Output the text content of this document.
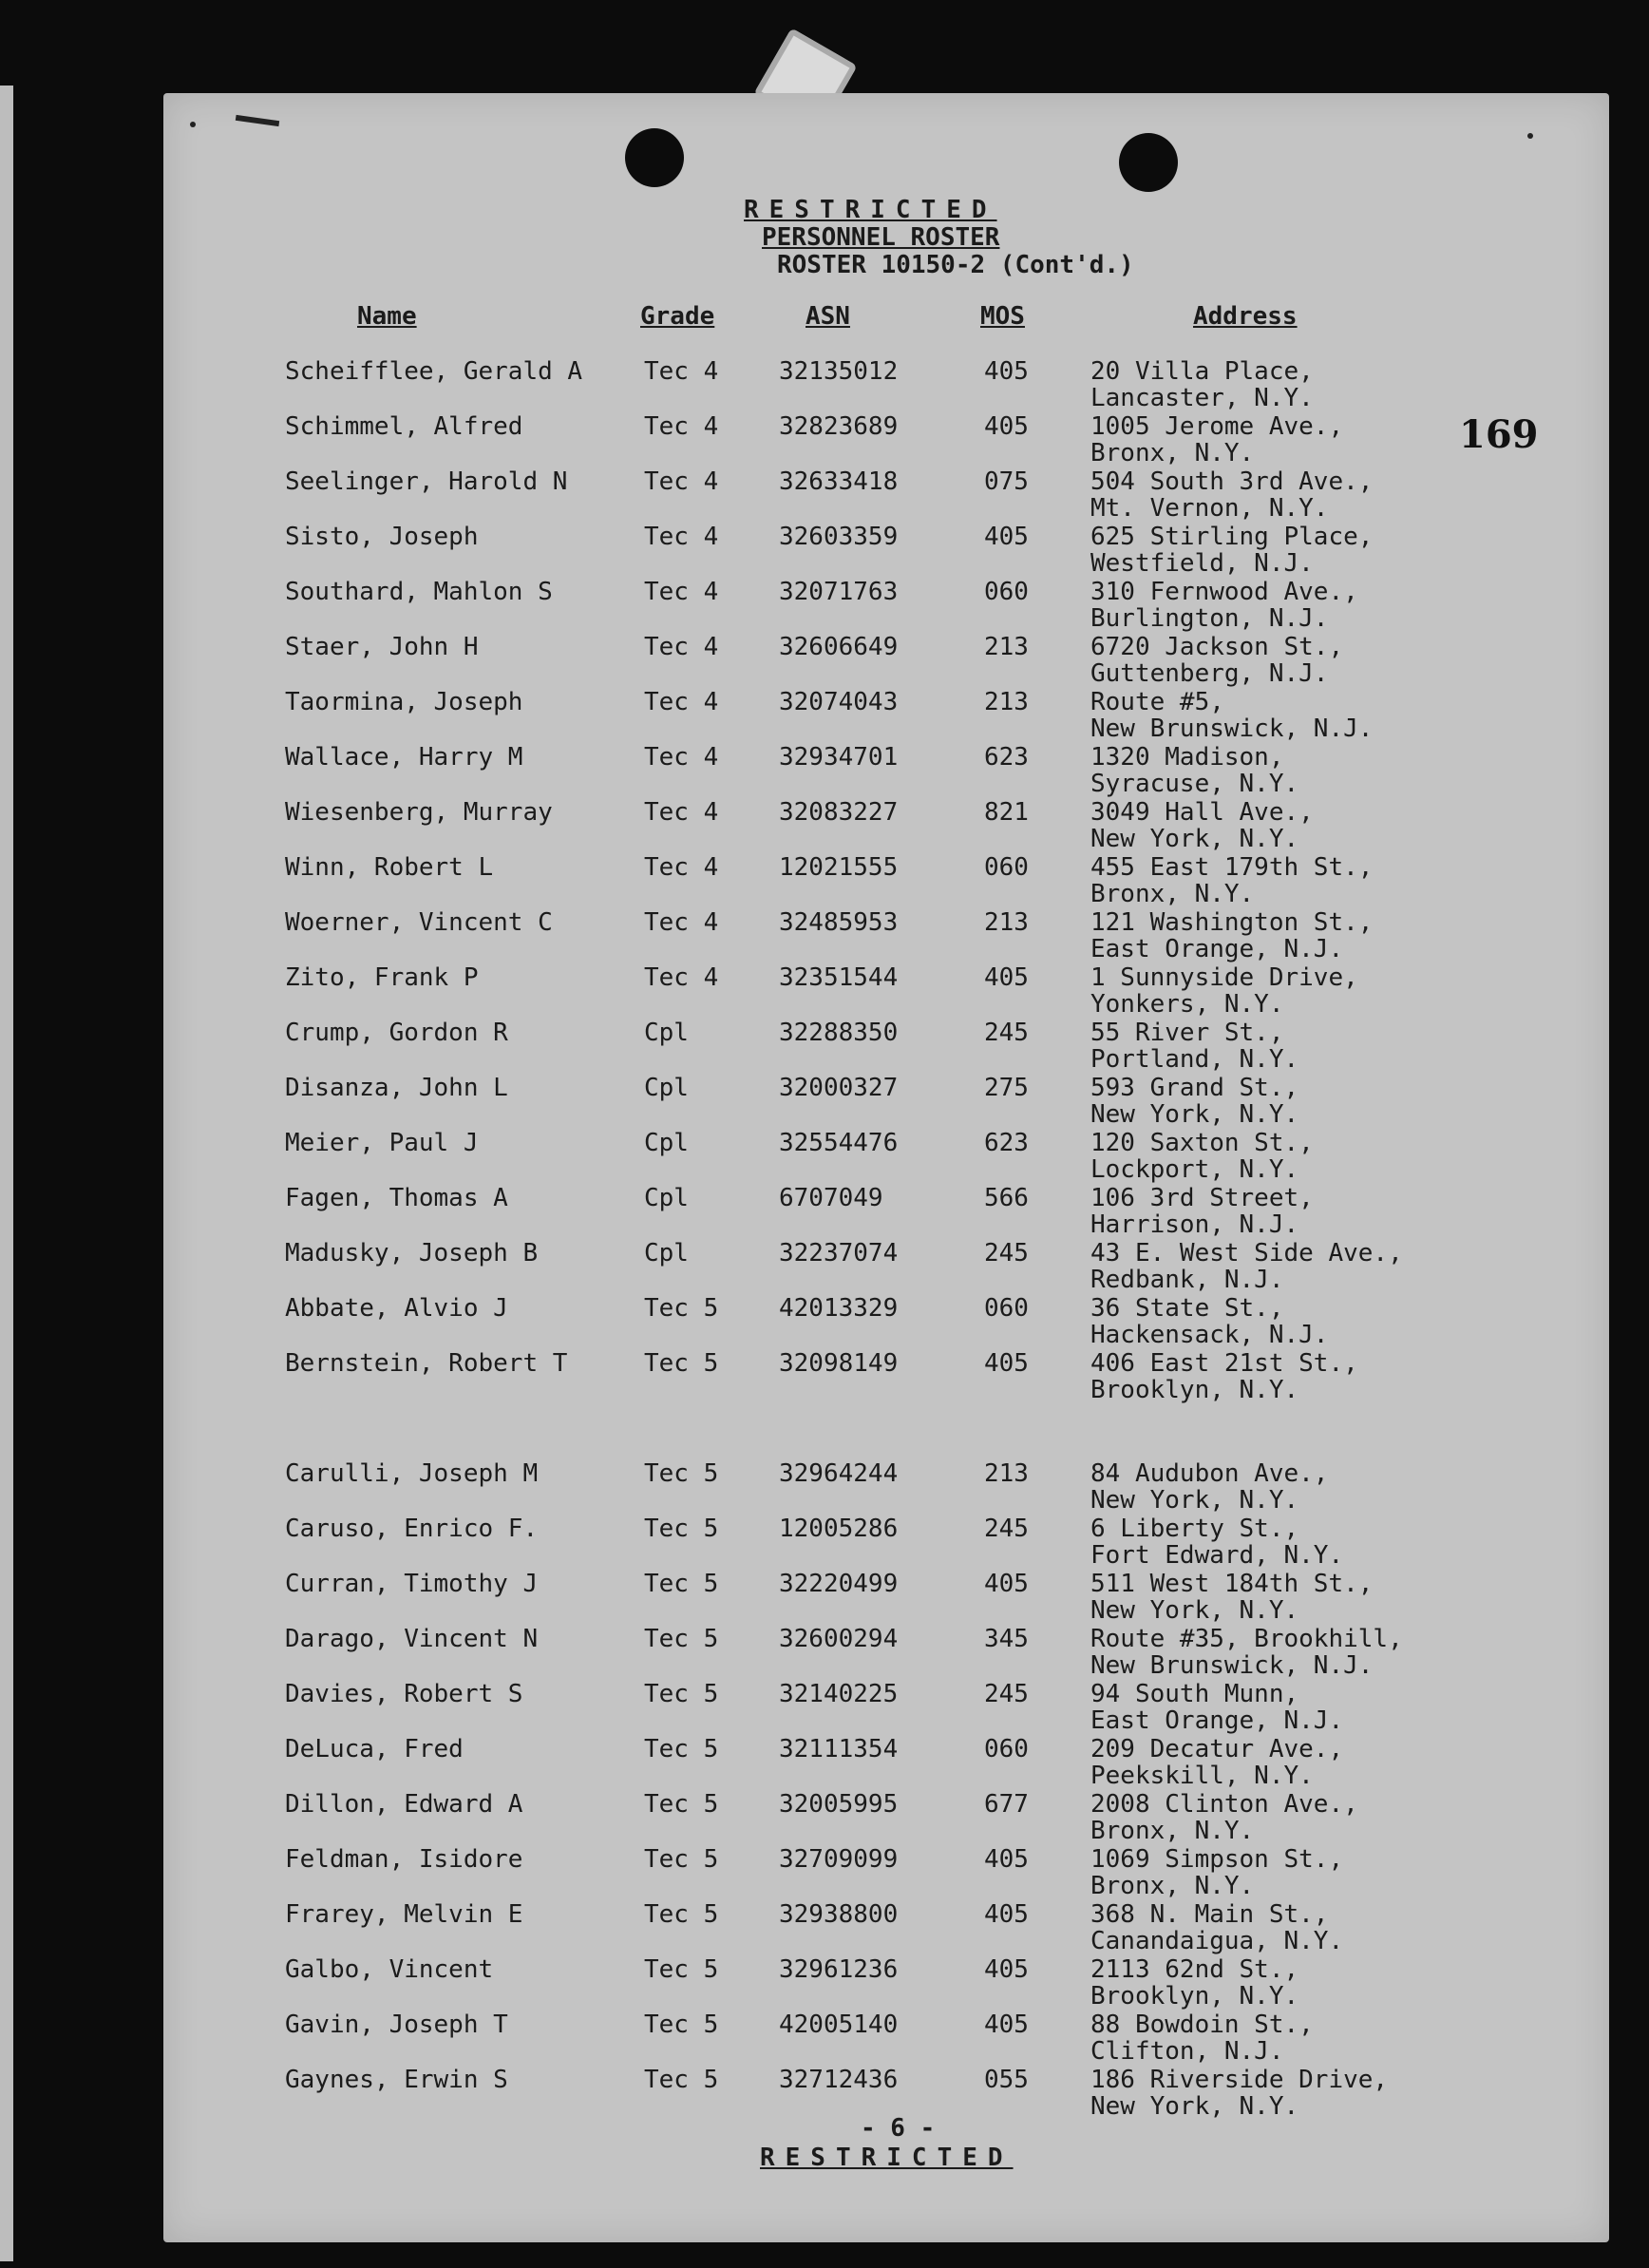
RESTRICTED
PERSONNEL ROSTER
ROSTER 10150-2 (Cont'd.)
169
Name	Grade	ASN	MOS	Address
Scheifflee, Gerald A Tec 4 32135012	405	20 Villa Place,
Lancaster, N.Y.
Schimmel, Alfred	Tec 4 32823689	405	1005 Jerome Ave.,
Bronx, N.Y.
Seelinger, Harold N	Tec 4 32633418	075	504 South 3rd Ave.,
Mt. Vernon, N.Y.
Sisto, Joseph	Tec 4 32603359	405	625 Stirling Place,
Westfield, N.J.
Southard, Mahlon S	Tec 4 32071763	060	310 Fernwood Ave.,
Burlington, N.J.
Staer, John H	Tec 4 32606649	213	6720 Jackson St.,
Guttenberg, N.J.
Taormina, Joseph	Tec 4 32074043	213	Route #5,
New Brunswick, N.J.
Wallace, Harry M	Tec 4 32934701	623	1320 Madison,
Syracuse, N.Y.
Wiesenberg, Murray	Tec 4 32083227	821	3049 Hall Ave.,
New York, N.Y.
Winn, Robert L	Tec 4 12021555	060	455 East 179th St.,
Bronx, N.Y.
Woerner, Vincent C	Tec 4 32485953	213	121 Washington St.,
East Orange, N.J.
Zito, Frank P	Tec 4 32351544	405	1 Sunnyside Drive,
Yonkers, N.Y.
Crump, Gordon R	Cpl	32288350	245	55 River St.,
Portland, N.Y.
Disanza, John L	Cpl	32000327	275	593 Grand St.,
New York, N.Y.
Meier, Paul J	Cpl	32554476	623	120 Saxton St.,
Lockport, N.Y.
Fagen, Thomas A	Cpl	6707049	566	106 3rd Street,
Harrison, N.J.
Madusky, Joseph B	Cpl	32237074	245	43 E. West Side Ave.,
Redbank, N.J.
Abbate, Alvio J	Tec 5 42013329	060	36 State St.,
Hackensack, N.J.
Bernstein, Robert T	Tec 5 32098149	405	406 East 21st St.,
Brooklyn, N.Y.
Carulli, Joseph M	Tec 5 32964244	213	84 Audubon Ave.,
New York, N.Y.
Caruso, Enrico F.	Tec 5 12005286	245	6 Liberty St.,
Fort Edward, N.Y.
Curran, Timothy J	Tec 5 32220499	405	511 West 184th St.,
New York, N.Y.
Darago, Vincent N	Tec 5 32600294	345	Route #35, Brookhill,
New Brunswick, N.J.
Davies, Robert S	Tec 5 32140225	245	94 South Munn,
East Orange, N.J.
DeLuca, Fred	Tec 5 32111354	060	209 Decatur Ave.,
Peekskill, N.Y.
Dillon, Edward A	Tec 5 32005995	677	2008 Clinton Ave.,
Bronx, N.Y.
Feldman, Isidore	Tec 5 32709099	405	1069 Simpson St.,
Bronx, N.Y.
Frarey, Melvin E	Tec 5 32938800	405	368 N. Main St.,
Canandaigua, N.Y.
Galbo, Vincent	Tec 5 32961236	405	2113 62nd St.,
Brooklyn, N.Y.
Gavin, Joseph T	Tec 5 42005140	405	88 Bowdoin St.,
Clifton, N.J.
Gaynes, Erwin S	Tec 5 32712436	055	186 Riverside Drive,
New York, N.Y.
- 6 -
RESTRICTED
